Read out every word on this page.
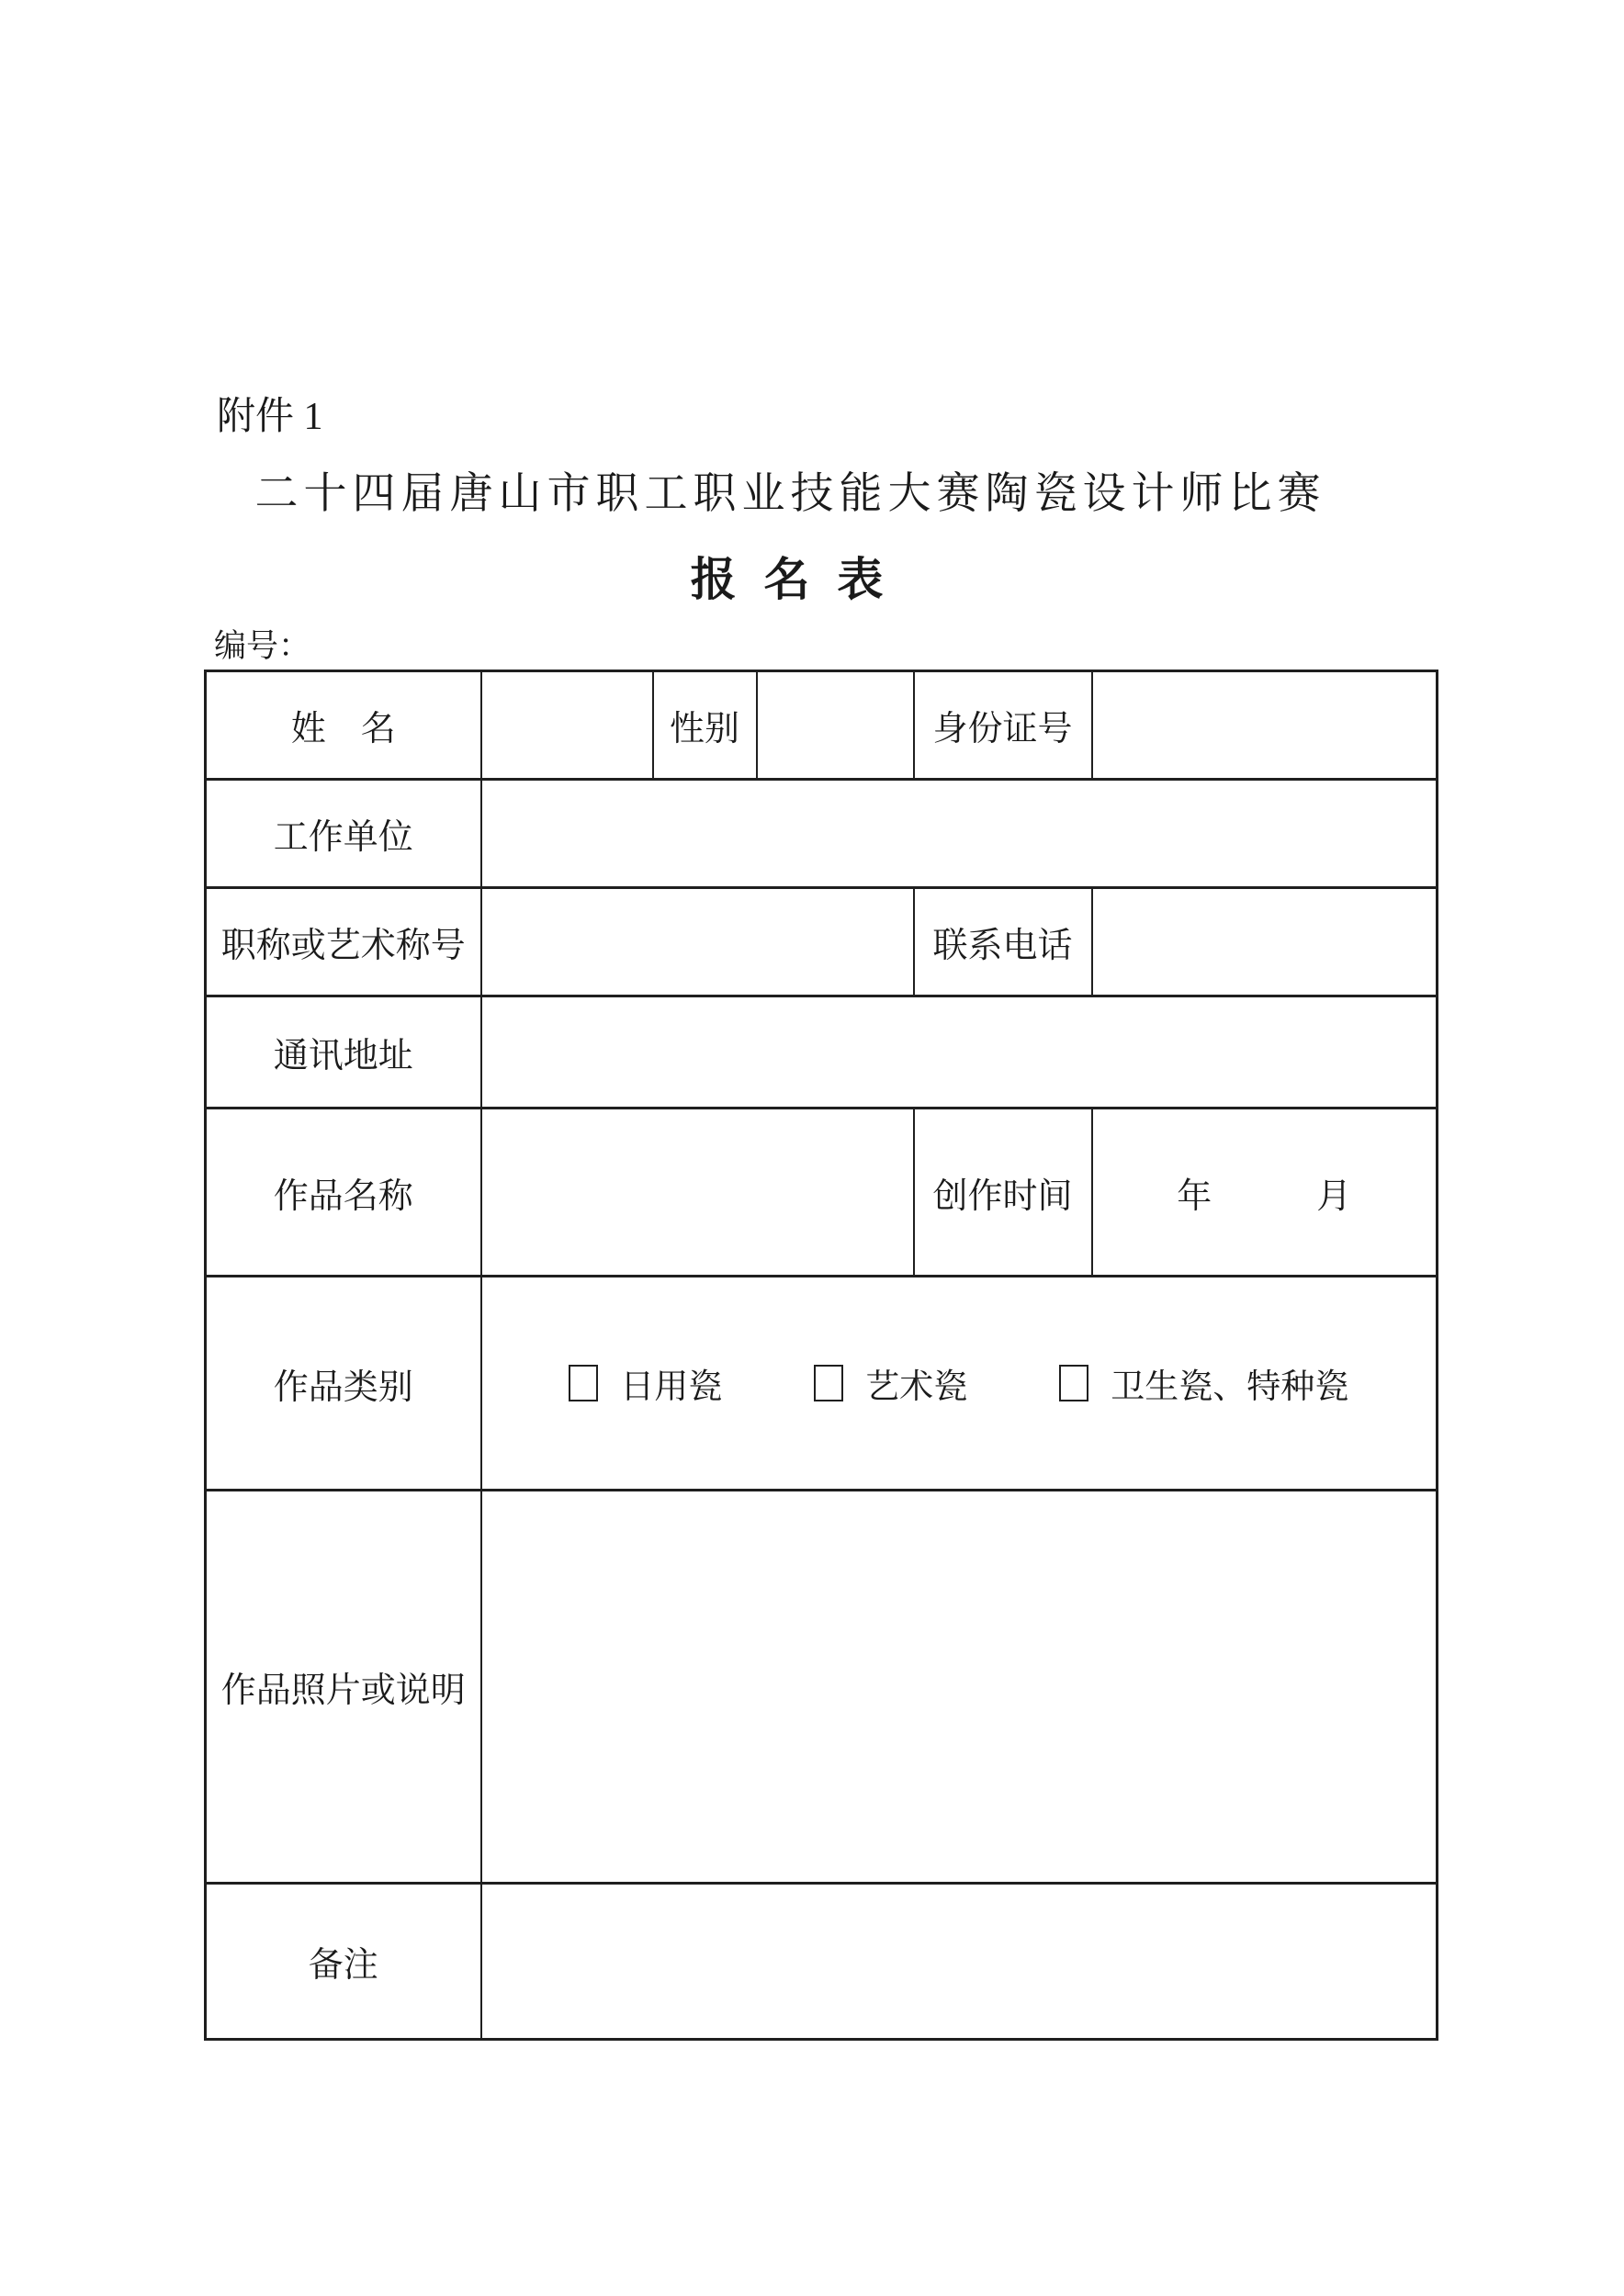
附件 1
二十四届唐山市职工职业技能大赛陶瓷设计师比赛
报 名 表
编号：
姓　名		性别		身份证号	
工作单位					
职称或艺术称号				联系电话	
通讯地址					
作品名称				创作时间	年　　　月
作品类别	日用瓷 艺术瓷 卫生瓷、特种瓷				

作品照片或说明					
备注					
